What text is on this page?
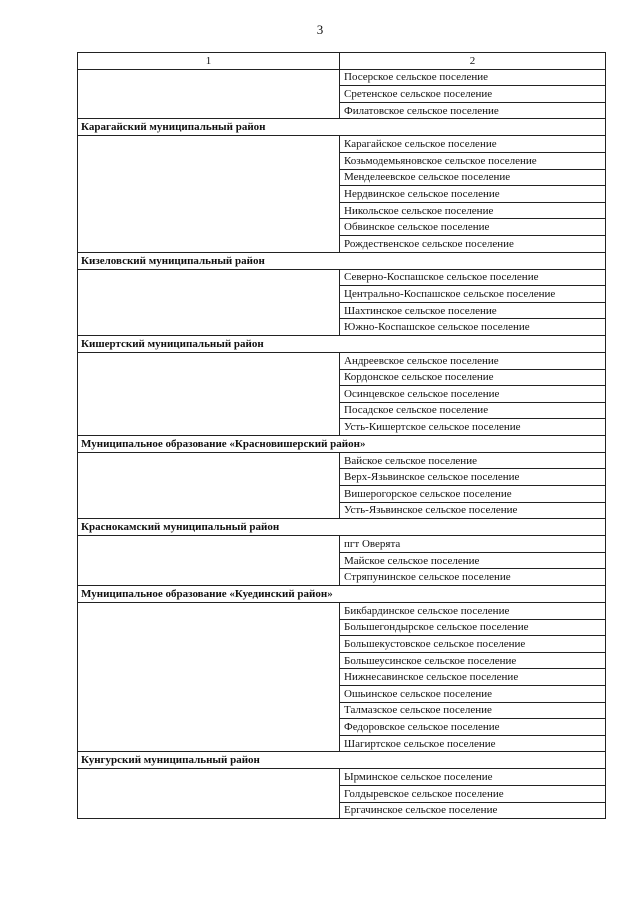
3
1	2
	Посерское сельское поселение
	Сретенское сельское поселение
	Филатовское сельское поселение
Карагайский муниципальный район	
	Карагайское сельское поселение
	Козьмодемьяновское сельское поселение
	Менделеевское сельское поселение
	Нердвинское сельское поселение
	Никольское сельское поселение
	Обвинское сельское поселение
	Рождественское сельское поселение
Кизеловский муниципальный район	
	Северно-Коспашское сельское поселение
	Центрально-Коспашское сельское поселение
	Шахтинское сельское поселение
	Южно-Коспашское сельское поселение
Кишертский муниципальный район	
	Андреевское сельское поселение
	Кордонское сельское поселение
	Осинцевское сельское поселение
	Посадское сельское поселение
	Усть-Кишертское сельское поселение
Муниципальное образование «Красновишерский район»	
	Вайское сельское поселение
	Верх-Язьвинское сельское поселение
	Вишерогорское сельское поселение
	Усть-Язьвинское сельское поселение
Краснокамский муниципальный район	
	пгт Оверята
	Майское сельское поселение
	Стряпунинское сельское поселение
Муниципальное образование «Куединский район»	
	Бикбардинское сельское поселение
	Большегондырское сельское поселение
	Большекустовское сельское поселение
	Большеусинское сельское поселение
	Нижнесавинское сельское поселение
	Ошьинское сельское поселение
	Талмазское сельское поселение
	Федоровское сельское поселение
	Шагиртское сельское поселение
Кунгурский муниципальный район	
	Ырминское сельское поселение
	Голдыревское сельское поселение
	Ергачинское сельское поселение
